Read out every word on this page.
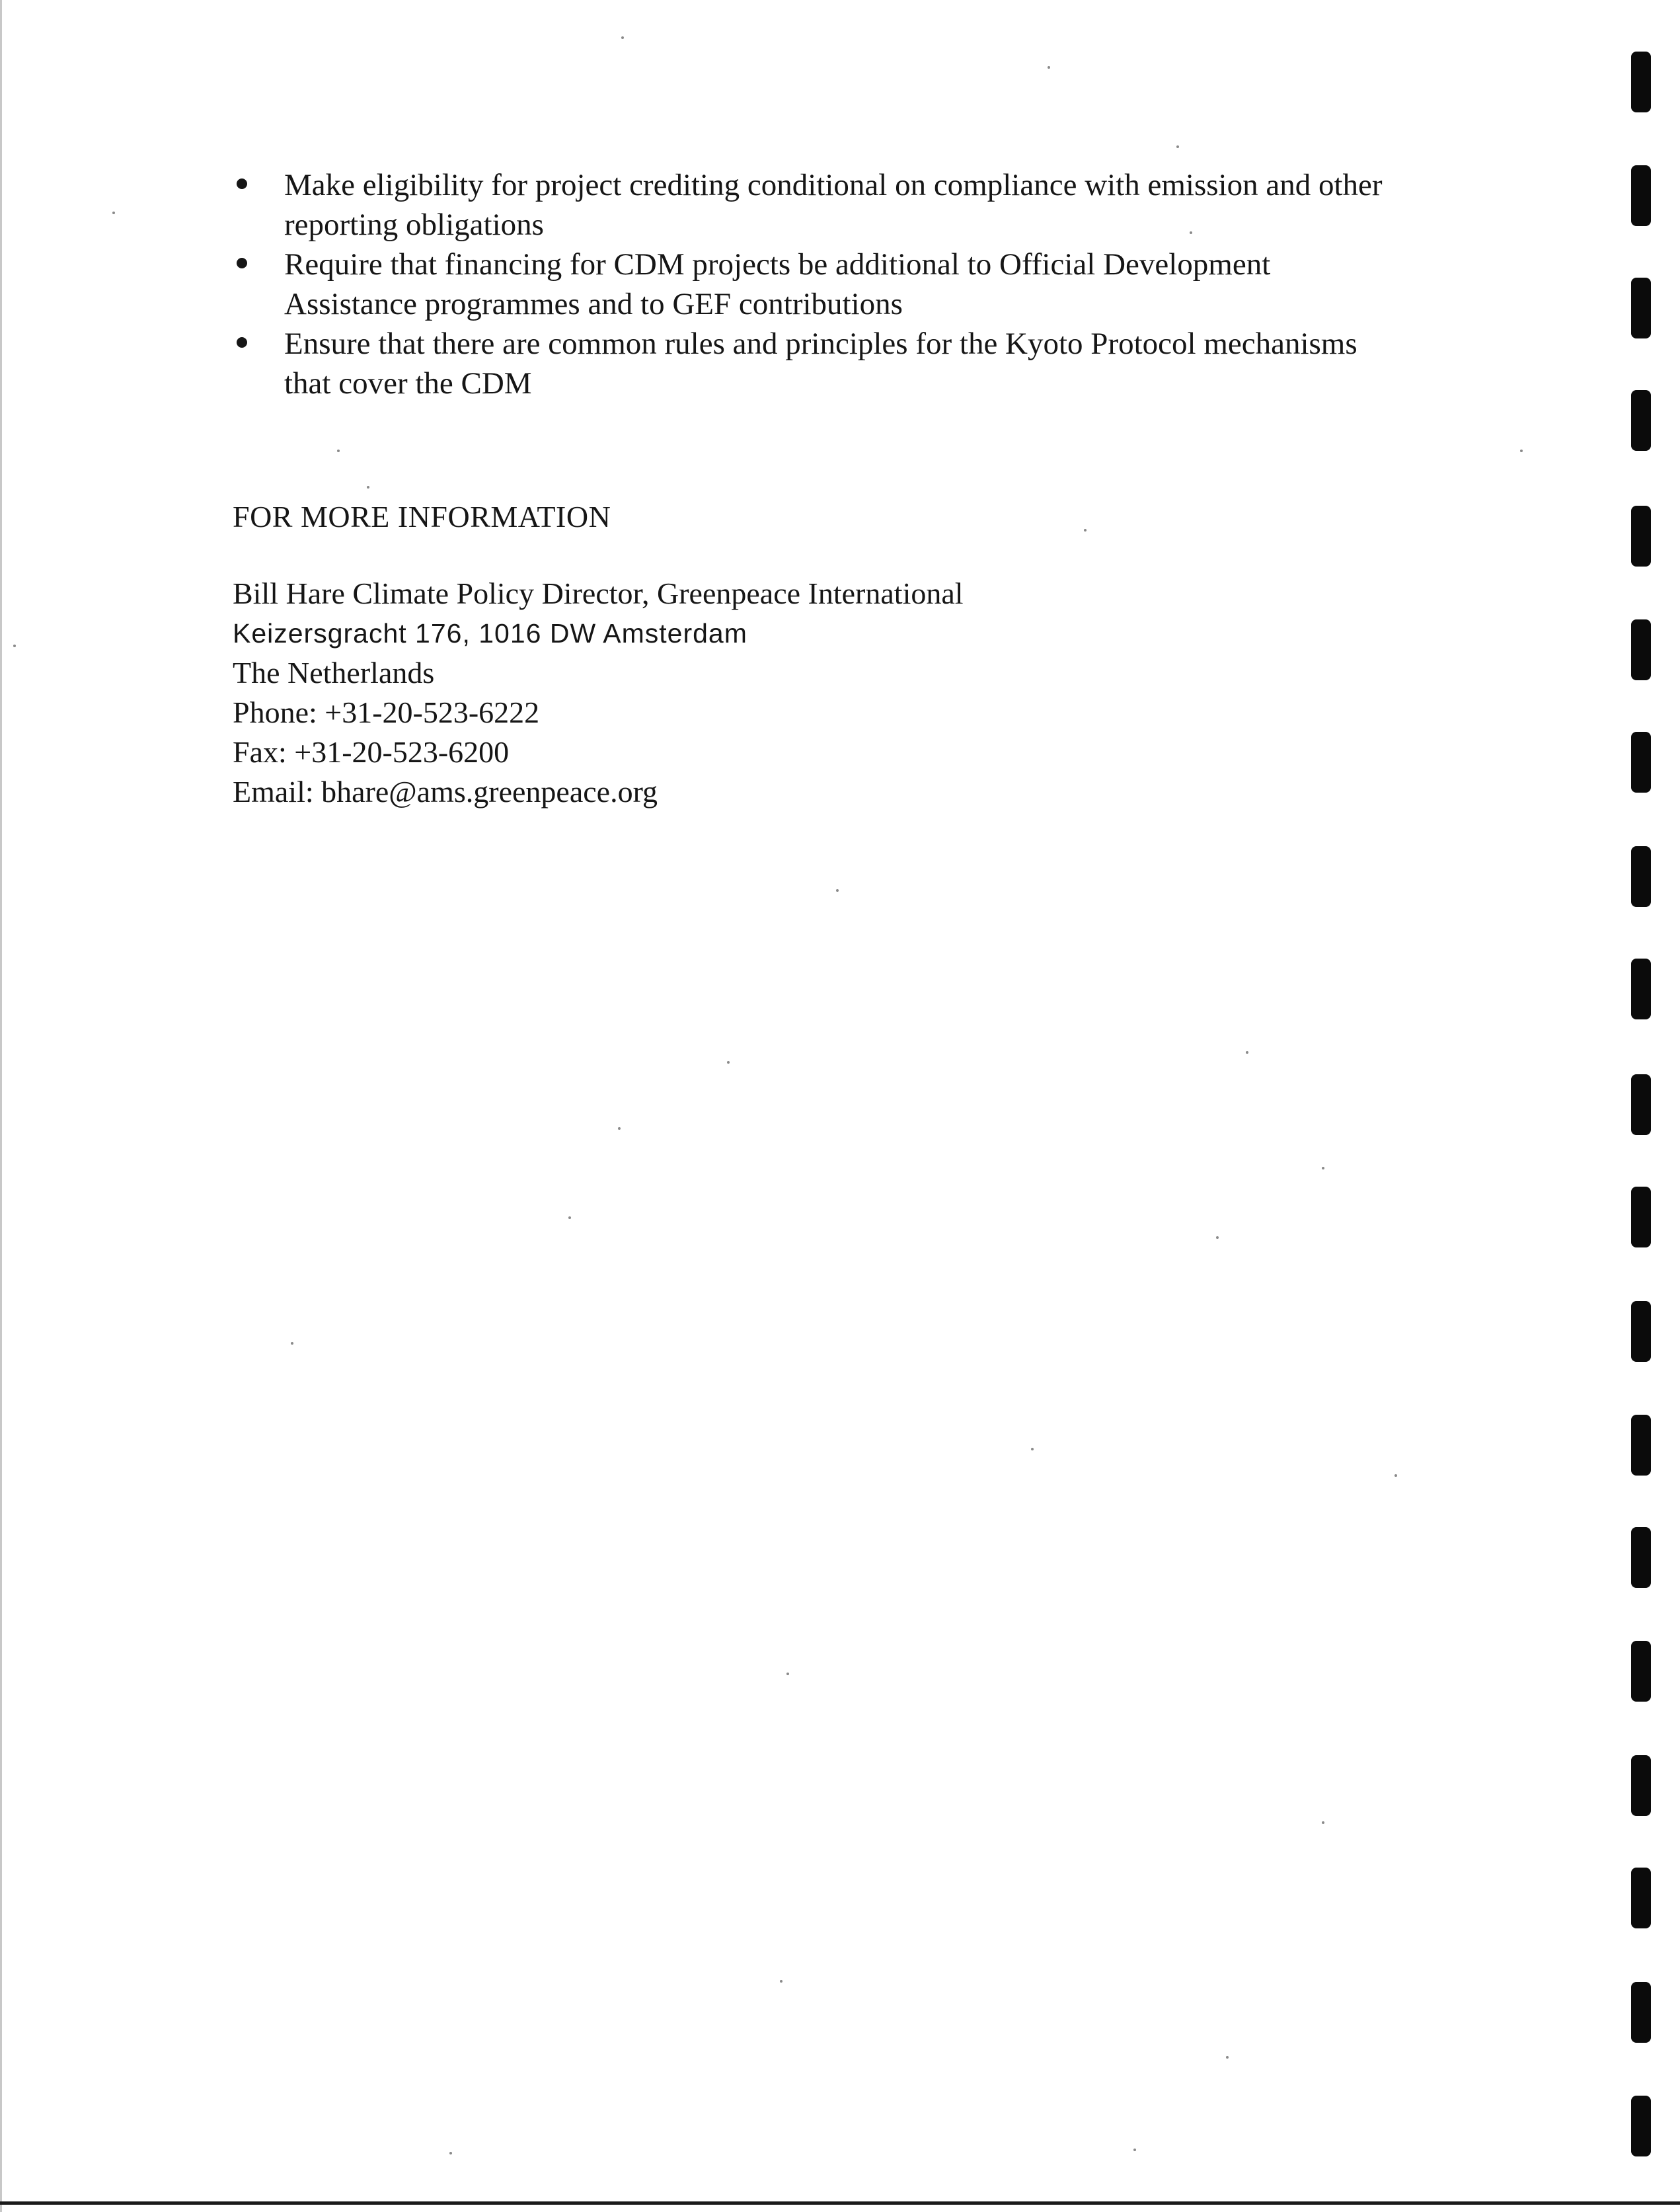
Make eligibility for project crediting conditional on compliance with emission and other
reporting obligations
Require that financing for CDM projects be additional to Official Development
Assistance programmes and to GEF contributions
Ensure that there are common rules and principles for the Kyoto Protocol mechanisms
that cover the CDM
FOR MORE INFORMATION
Bill Hare Climate Policy Director, Greenpeace International
Keizersgracht 176, 1016 DW Amsterdam
The Netherlands
Phone: +31-20-523-6222
Fax: +31-20-523-6200
Email: bhare@ams.greenpeace.org
